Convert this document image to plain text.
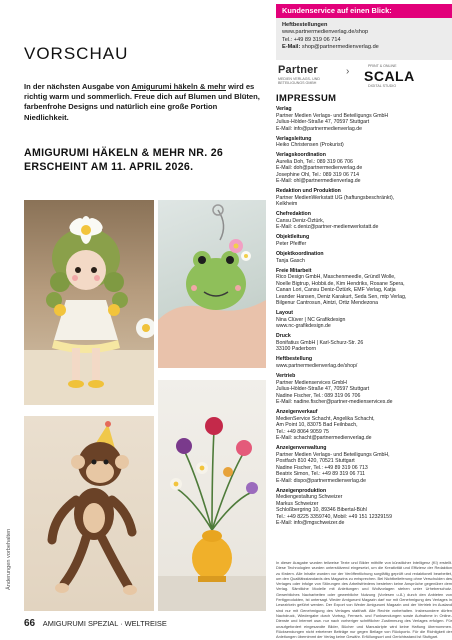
VORSCHAU
In der nächsten Ausgabe von Amigurumi häkeln & mehr wird es richtig warm und sommerlich. Freue dich auf Blumen und Blüten, farbenfrohe Designs und natürlich eine große Portion Niedlichkeit.
AMIGURUMI HÄKELN & MEHR NR. 26
ERSCHEINT AM 11. APRIL 2026.
Änderungen vorbehalten
66 AMIGURUMI SPEZIAL · WELTREISE
Kundenservice auf einen Blick:
Heftbestellungen
www.partnermedienverlag.de/shop
Tel.: +49 89 319 06 714
E-Mail: shop@partnermedienverlag.de
Partner
MEDIEN VERLAGS- UND BETEILIGUNGS GMBH
›	PRINT & ONLINE
SCALA
DIGITAL STUDIO
IMPRESSUM
Verlag
Partner Medien Verlags- und Beteiligungs GmbH
Julius-Hölder-Straße 47, 70597 Stuttgart
E-Mail: info@partnermedienverlag.de
Verlagsleitung
Heiko Christensen (Prokurist)
Verlagskoordination
Aurelia Doh, Tel.: 089 319 06 706
E-Mail: doh@partnermedienverlag.de
Josephine Ohl, Tel.: 089 319 06 714
E-Mail: ohl@partnermedienverlag.de
Redaktion und Produktion
Partner MedienWerkstatt UG (haftungsbeschränkt),
Kelkheim
Chefredaktion
Cansu Deniz-Öztürk,
E-Mail: c.deniz@partner-medienwerkstatt.de
Objektleitung
Peter Pfeiffer
Objektkoordination
Tanja Gasch
Freie Mitarbeit
Rico Design GmbH, Maschenmeedle, Gründl Wolle,
Noelle Bigtrup, Hobbii.de, Kim Hendriks, Rosane Spera,
Canan Lori, Cansu Deniz-Öztürk, EMF Verlag, Katja
Leander Hansen, Deniz Karakurt, Seda Sen, mtp Verlag,
Bilgenur Cantrosun, Aintzi, Ortiz Mendezona
Layout
Nina Clüver | NC Grafikdesign
www.nc-grafikdesign.de
Druck
Bonifatius GmbH | Karl-Schurz-Str. 26
33100 Paderborn
Heftbestellung
www.partnermedienverlag.de/shop/
Vertrieb
Partner Medienservices GmbH
Julius-Hölder-Straße 47, 70597 Stuttgart
Nadine Fischer, Tel.: 089 319 06 706
E-Mail: nadine.fischer@partner-medienservices.de
Anzeigenverkauf
MedienService Schacht, Angelika Schacht,
Am Point 10, 83075 Bad Feilnbach,
Tel.: +49 8064 9059 75
E-Mail: schacht@partnermedienverlag.de
Anzeigenverwaltung
Partner Medien Verlags- und Beteiligungs GmbH,
Postfach 810 420, 70521 Stuttgart
Nadine Fischer, Tel.: +49 89 319 06 713
Beatrix Simon, Tel.: +49 89 319 06 711
E-Mail: dispo@partnermedienverlag.de
Anzeigenproduktion
Mediengestaltung Schweizer
Markus Schweizer
Schloßbergring 10, 89346 Bibertal-Bühl
Tel.: +49 8225 3359740, Mobil: +49 151 12329159
E-Mail: info@mgschweizer.de
In dieser Ausgabe wurden teilweise Texte und Bilder mithilfe von künstlicher Intelligenz (KI) erstellt. Diese Technologien wurden unterstützend eingesetzt, um die Kreativität und Effizienz der Redaktion zu fördern. Alle Inhalte wurden vor der Veröffentlichung sorgfältig geprüft und redaktionell bearbeitet, um den Qualitätsstandards des Magazins zu entsprechen. Bei Nichtbelieferung ohne Verschulden des Verlages oder infolge von Störungen des Arbeitsfriedens bestehen keine Ansprüche gegenüber dem Verlag. Sämtliche Modelle mit Anleitungen und Wollvorlagen stehen unter Urheberschutz. Gewerbliches Nacharbeiten oder gewerbliche Nutzung (Vorlesen u.Ä.) durch den Anbieten von Fertigprodukten, ist untersagt. Weder Amigurumi Magazin darf nur mit Genehmigung des Verlages in Lesezirkeln geführt werden. Der Export von Weder Amigurumi Magazin und der Vertrieb im Ausland sind nur mit Genehmigung des Verlages statthaft. Alle Rechte vorbehalten. Insbesondere dürfen Nachdruck, Wiedergabe durch Vortrag, Fernseh- und Funksendungen sowie Aufnahme in Online-Dienste und Internet usw. nur nach vorheriger schriftlicher Zustimmung des Verlages erfolgen. Für unaufgefordert eingesandte Bilder, Bücher und Manuskripte wird keine Haftung übernommen. Rücksendungen nicht erbetener Beiträge nur gegen Beilage von Rückporto. Für die Richtigkeit der Anleitungen übernimmt der Verlag keine Gewähr. Erfüllungsort und Gerichtsstand ist Stuttgart.
